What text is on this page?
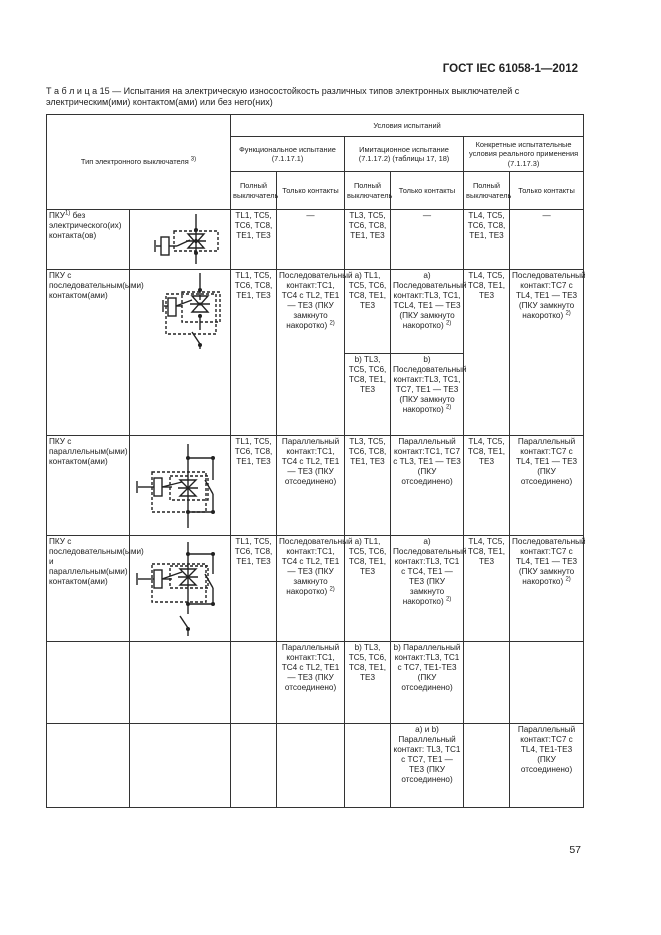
ГОСТ IEC 61058-1—2012
Т а б л и ц а 15 — Испытания на электрическую износостойкость различных типов электронных выключателей с электрическим(ими) контактом(ами) или без него(них)
Тип электронного выключателя $^{3)}$		Условия испытаний					
		Функциональное испытание (7.1.17.1)		Имитационное испытание (7.1.17.2) (таблицы 17, 18)		Конкретные испытательные условия реального применения (7.1.17.3)	
		Полный выключатель	Только контакты	Полный выключатель	Только контакты	Полный выключатель	Только контакты
ПКУ$^{1)}$ без электрического(их) контакта(ов)		TL1, TC5, TC6, TC8, TE1, TE3	—	TL3, TC5, TC6, TC8, TE1, TE3	—	TL4, TC5, TC6, TC8, TE1, TE3	—
ПКУ с последовательным(ыми) контактом(ами)		TL1, TC5, TC6, TC8, TE1, TE3	Последовательный контакт:TC1, TC4 с TL2, TE1 — TE3 (ПКУ замкнуто накоротко) $^{2)}$	a) TL1, TC5, TC6, TC8, TE1, TE3	a) Последовательный контакт:TL3, TC1, TCL4, TE1 — TE3 (ПКУ замкнуто накоротко) $^{2)}$	TL4, TC5, TC8, TE1, TE3	Последовательный контакт:TC7 с TL4, TE1 — TE3 (ПКУ замкнуто накоротко) $^{2)}$
				b) TL3, TC5, TC6, TC8, TE1, TE3	b) Последовательный контакт:TL3, TC1, TC7, TE1 — TE3 (ПКУ замкнуто накоротко) $^{2)}$
ПКУ с параллельным(ыми) контактом(ами)		TL1, TC5, TC6, TC8, TE1, TE3	Параллельный контакт:TC1, TC4 с TL2, TE1 — TE3 (ПКУ отсоединено)	TL3, TC5, TC6, TC8, TE1, TE3	Параллельный контакт:TC1, TC7 с TL3, TE1 — TE3 (ПКУ отсоединено)	TL4, TC5, TC8, TE1, TE3	Параллельный контакт:TC7 с TL4, TE1 — TE3 (ПКУ отсоединено)
ПКУ с последовательным(ыми) и параллельным(ыми) контактом(ами)		TL1, TC5, TC6, TC8, TE1, TE3	Последовательный контакт:TC1, TC4 с TL2, TE1 — TE3 (ПКУ замкнуто накоротко) $^{2)}$	a) TL1, TC5, TC6, TC8, TE1, TE3	a) Последовательный контакт:TL3, TC1 с TC4, TE1 — TE3 (ПКУ замкнуто накоротко) $^{2)}$	TL4, TC5, TC8, TE1, TE3	Последовательный контакт:TC7 с TL4, TE1 — TE3 (ПКУ замкнуто накоротко) $^{2)}$
			Параллельный контакт:TC1, TC4 с TL2, TE1 — TE3 (ПКУ отсоединено)	b) TL3, TC5, TC6, TC8, TE1, TE3	b) Параллельный контакт:TL3, TC1 с TC7, TE1-TE3 (ПКУ отсоединено)		
					a) и b) Параллельный контакт: TL3, TC1 с TC7, TE1 — TE3 (ПКУ отсоединено)		Параллельный контакт:TC7 с TL4, TE1-TE3 (ПКУ отсоединено)
57
